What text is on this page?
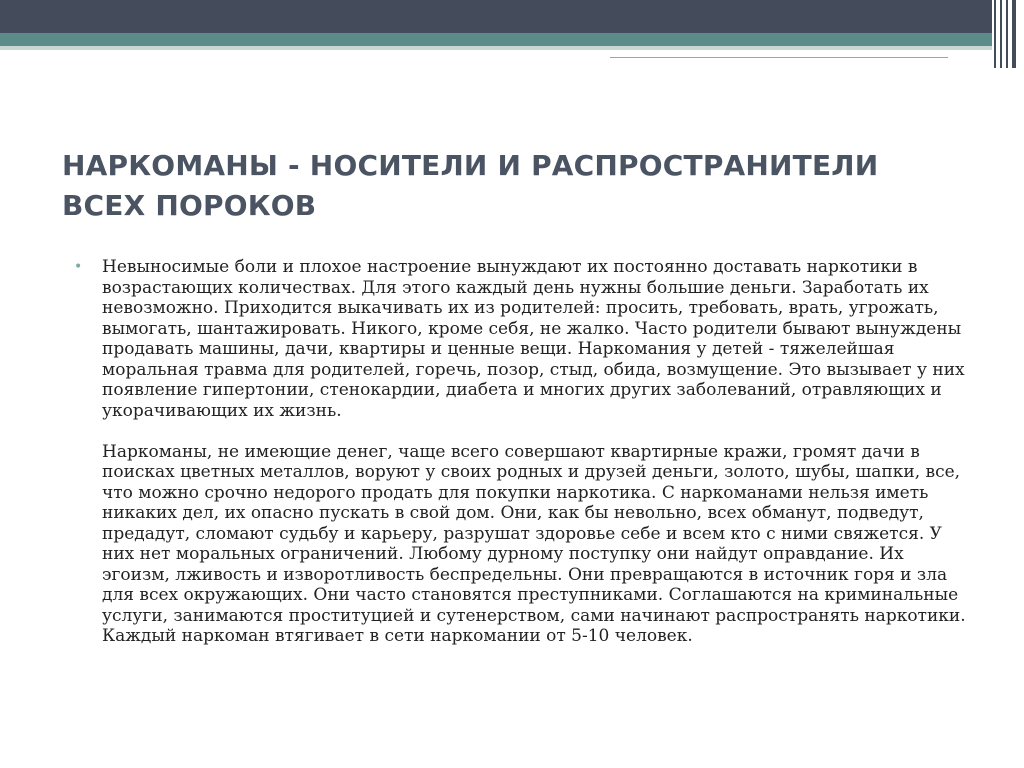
НАРКОМАНЫ - НОСИТЕЛИ И РАСПРОСТРАНИТЕЛИ ВСЕХ ПОРОКОВ
•	Невыносимые боли и плохое настроение вынуждают их постоянно доставать наркотики в возрастающих количествах. Для этого каждый день нужны большие деньги. Заработать их невозможно. Приходится выкачивать их из родителей: просить, требовать, врать, угрожать, вымогать, шантажировать. Никого, кроме себя, не жалко. Часто родители бывают вынуждены продавать машины, дачи, квартиры и ценные вещи. Наркомания у детей - тяжелейшая моральная травма для родителей, горечь, позор, стыд, обида, возмущение. Это вызывает у них появление гипертонии, стенокардии, диабета и многих других заболеваний, отравляющих и укорачивающих их жизнь.

Наркоманы, не имеющие денег, чаще всего совершают квартирные кражи, громят дачи в поисках цветных металлов, воруют у своих родных и друзей деньги, золото, шубы, шапки, все, что можно срочно недорого продать для покупки наркотика. С наркоманами нельзя иметь никаких дел, их опасно пускать в свой дом. Они, как бы невольно, всех обманут, подведут, предадут, сломают судьбу и карьеру, разрушат здоровье себе и всем кто с ними свяжется. У них нет моральных ограничений. Любому дурному поступку они найдут оправдание. Их эгоизм, лживость и изворотливость беспредельны. Они превращаются в источник горя и зла для всех окружающих. Они часто становятся преступниками. Соглашаются на криминальные услуги, занимаются проституцией и сутенерством, сами начинают распространять наркотики. Каждый наркоман втягивает в сети наркомании от 5-10 человек.
